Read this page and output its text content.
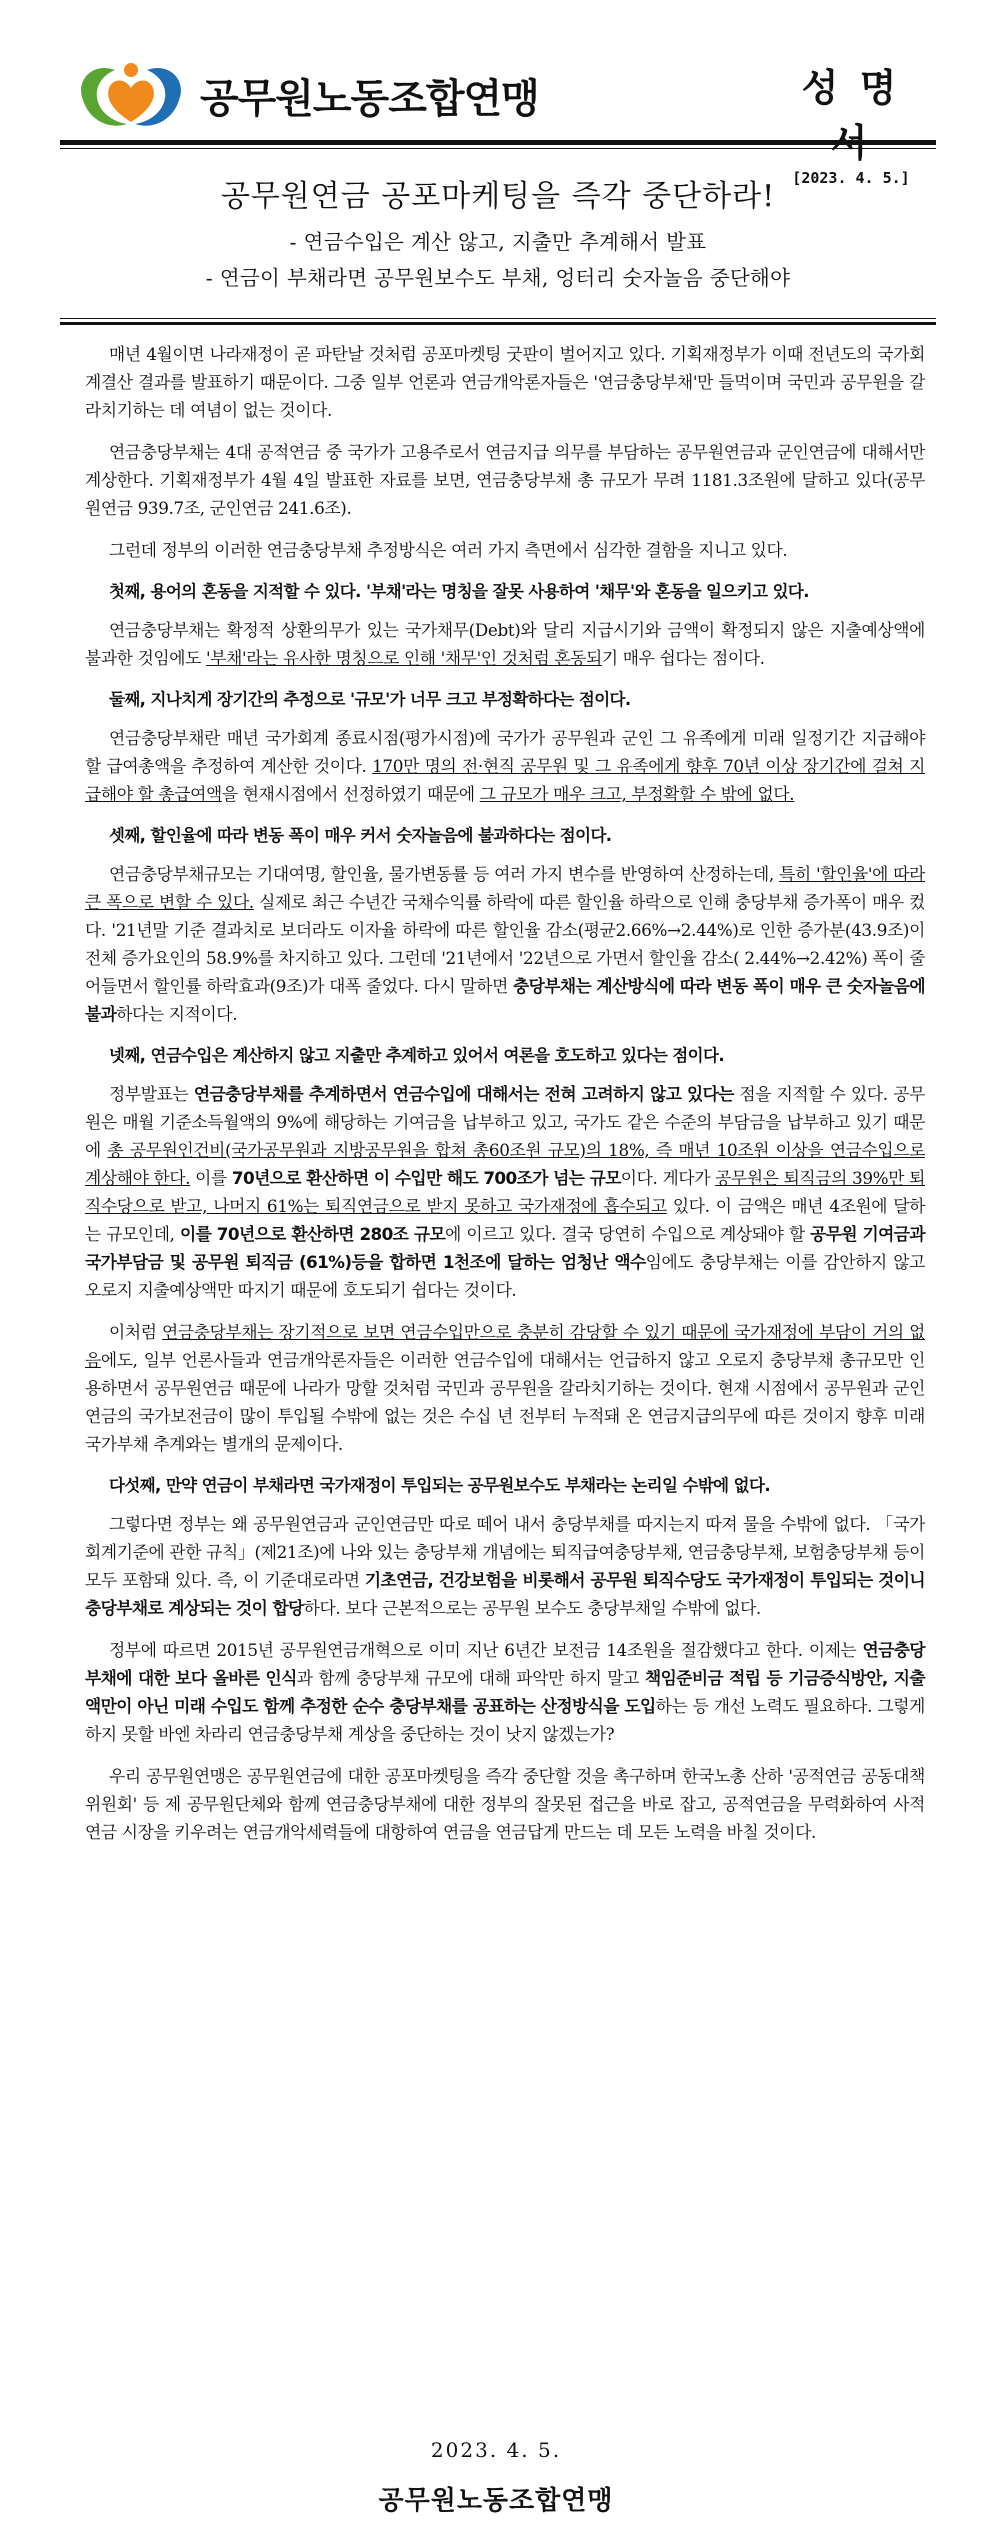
공무원노동조합연맹	성 명
[2023. 4. 5.]
공무원연금 공포마케팅을 즉각 중단하라!
- 연금수입은 계산 않고, 지출만 추계해서 발표
- 연금이 부채라면 공무원보수도 부채, 엉터리 숫자놀음 중단해야

매년 4월이면 나라재정이 곧 파탄날 것처럼 공포마켓팅 굿판이 벌어지고 있다. 기획재정부가 이때 전년도의 국가회계결산 결과를 발표하기 때문이다. 그중 일부 언론과 연금개악론자들은 '연금충당부채'만 들먹이며 국민과 공무원을 갈라치기하는 데 여념이 없는 것이다.

연금충당부채는 4대 공적연금 중 국가가 고용주로서 연금지급 의무를 부담하는 공무원연금과 군인연금에 대해서만 계상한다. 기획재정부가 4월 4일 발표한 자료를 보면, 연금충당부채 총 규모가 무려 1181.3조원에 달하고 있다(공무원연금 939.7조, 군인연금 241.6조).

그런데 정부의 이러한 연금충당부채 추정방식은 여러 가지 측면에서 심각한 결함을 지니고 있다.

첫째, 용어의 혼동을 지적할 수 있다. '부채'라는 명칭을 잘못 사용하여 '채무'와 혼동을 일으키고 있다.

연금충당부채는 확정적 상환의무가 있는 국가채무(Debt)와 달리 지급시기와 금액이 확정되지 않은 지출예상액에 불과한 것임에도 '부채'라는 유사한 명칭으로 인해 '채무'인 것처럼 혼동되기 매우 쉽다는 점이다.

둘째, 지나치게 장기간의 추정으로 '규모'가 너무 크고 부정확하다는 점이다.

연금충당부채란 매년 국가회계 종료시점(평가시점)에 국가가 공무원과 군인 그 유족에게 미래 일정기간 지급해야 할 급여총액을 추정하여 계산한 것이다. 170만 명의 전·현직 공무원 및 그 유족에게 향후 70년 이상 장기간에 걸쳐 지급해야 할 총급여액을 현재시점에서 선정하였기 때문에 그 규모가 매우 크고, 부정확할 수 밖에 없다.

셋째, 할인율에 따라 변동 폭이 매우 커서 숫자놀음에 불과하다는 점이다.

연금충당부채규모는 기대여명, 할인율, 물가변동률 등 여러 가지 변수를 반영하여 산정하는데, 특히 '할인율'에 따라 큰 폭으로 변할 수 있다. 실제로 최근 수년간 국채수익률 하락에 따른 할인율 하락으로 인해 충당부채 증가폭이 매우 컸다. '21년말 기준 결과치로 보더라도 이자율 하락에 따른 할인율 감소(평균2.66%→2.44%)로 인한 증가분(43.9조)이 전체 증가요인의 58.9%를 차지하고 있다. 그런데 '21년에서 '22년으로 가면서 할인율 감소( 2.44%→2.42%) 폭이 줄어들면서 할인률 하락효과(9조)가 대폭 줄었다. 다시 말하면 충당부채는 계산방식에 따라 변동 폭이 매우 큰 숫자놀음에 불과하다는 지적이다.

넷째, 연금수입은 계산하지 않고 지출만 추계하고 있어서 여론을 호도하고 있다는 점이다.

정부발표는 연금충당부채를 추계하면서 연금수입에 대해서는 전혀 고려하지 않고 있다는 점을 지적할 수 있다. 공무원은 매월 기준소득월액의 9%에 해당하는 기여금을 납부하고 있고, 국가도 같은 수준의 부담금을 납부하고 있기 때문에 총 공무원인건비(국가공무원과 지방공무원을 합쳐 총60조원 규모)의 18%, 즉 매년 10조원 이상을 연금수입으로 계상해야 한다. 이를 70년으로 환산하면 이 수입만 해도 700조가 넘는 규모이다. 게다가 공무원은 퇴직금의 39%만 퇴직수당으로 받고, 나머지 61%는 퇴직연금으로 받지 못하고 국가재정에 흡수되고 있다. 이 금액은 매년 4조원에 달하는 규모인데, 이를 70년으로 환산하면 280조 규모에 이르고 있다. 결국 당연히 수입으로 계상돼야 할 공무원 기여금과 국가부담금 및 공무원 퇴직금 (61%)등을 합하면 1천조에 달하는 엄청난 액수임에도 충당부채는 이를 감안하지 않고 오로지 지출예상액만 따지기 때문에 호도되기 쉽다는 것이다.

이처럼 연금충당부채는 장기적으로 보면 연금수입만으로 충분히 감당할 수 있기 때문에 국가재정에 부담이 거의 없음에도, 일부 언론사들과 연금개악론자들은 이러한 연금수입에 대해서는 언급하지 않고 오로지 충당부채 총규모만 인용하면서 공무원연금 때문에 나라가 망할 것처럼 국민과 공무원을 갈라치기하는 것이다. 현재 시점에서 공무원과 군인연금의 국가보전금이 많이 투입될 수밖에 없는 것은 수십 년 전부터 누적돼 온 연금지급의무에 따른 것이지 향후 미래 국가부채 추계와는 별개의 문제이다.

다섯째, 만약 연금이 부채라면 국가재정이 투입되는 공무원보수도 부채라는 논리일 수밖에 없다.

그렇다면 정부는 왜 공무원연금과 군인연금만 따로 떼어 내서 충당부채를 따지는지 따져 물을 수밖에 없다. 「국가회계기준에 관한 규칙」(제21조)에 나와 있는 충당부채 개념에는 퇴직급여충당부채, 연금충당부채, 보험충당부채 등이 모두 포함돼 있다. 즉, 이 기준대로라면 기초연금, 건강보험을 비롯해서 공무원 퇴직수당도 국가재정이 투입되는 것이니 충당부채로 계상되는 것이 합당하다. 보다 근본적으로는 공무원 보수도 충당부채일 수밖에 없다.

정부에 따르면 2015년 공무원연금개혁으로 이미 지난 6년간 보전금 14조원을 절감했다고 한다. 이제는 연금충당부채에 대한 보다 올바른 인식과 함께 충당부채 규모에 대해 파악만 하지 말고 책임준비금 적립 등 기금증식방안, 지출액만이 아닌 미래 수입도 함께 추정한 순수 충당부채를 공표하는 산정방식을 도입하는 등 개선 노력도 필요하다. 그렇게 하지 못할 바엔 차라리 연금충당부채 계상을 중단하는 것이 낫지 않겠는가?

우리 공무원연맹은 공무원연금에 대한 공포마켓팅을 즉각 중단할 것을 촉구하며 한국노총 산하 '공적연금 공동대책위원회' 등 제 공무원단체와 함께 연금충당부채에 대한 정부의 잘못된 접근을 바로 잡고, 공적연금을 무력화하여 사적연금 시장을 키우려는 연금개악세력들에 대항하여 연금을 연금답게 만드는 데 모든 노력을 바칠 것이다.

2023. 4. 5.
공무원노동조합연맹
